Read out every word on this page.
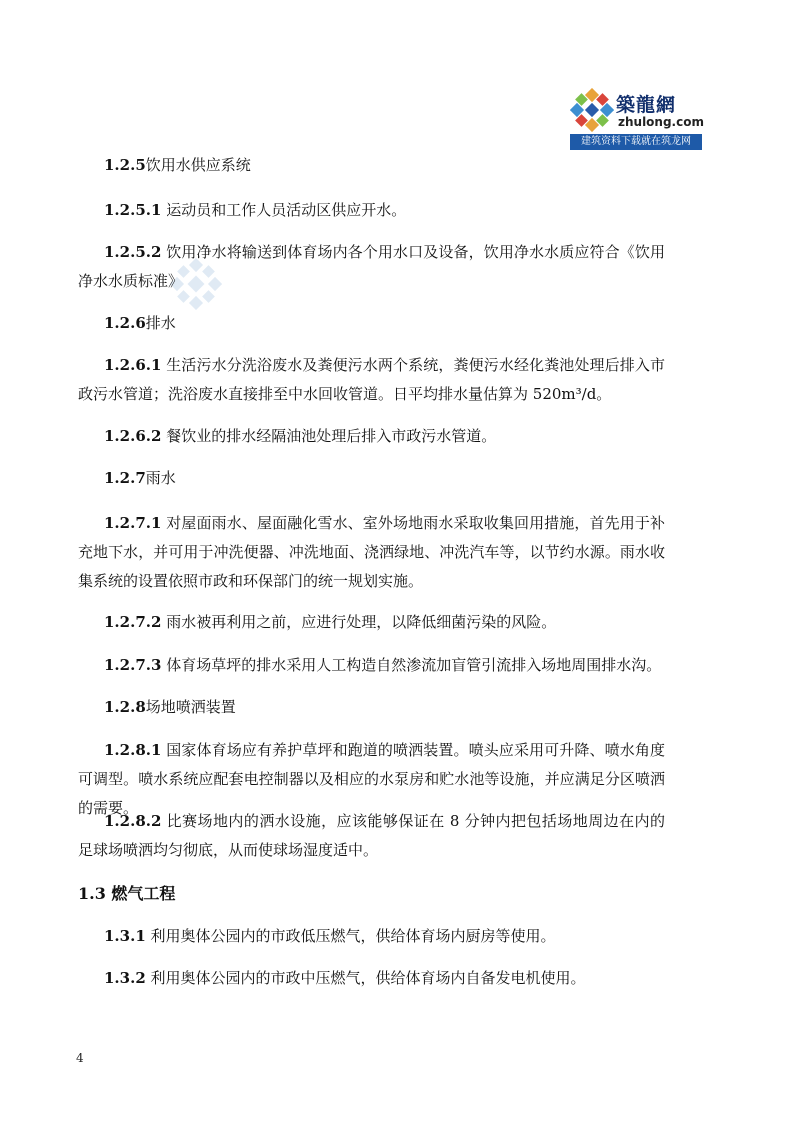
築龍網
zhulong.com
建筑资料下载就在筑龙网

1.2.5饮用水供应系统

1.2.5.1 运动员和工作人员活动区供应开水。

1.2.5.2 饮用净水将输送到体育场内各个用水口及设备，饮用净水水质应符合《饮用净水水质标准》

1.2.6排水

1.2.6.1 生活污水分洗浴废水及粪便污水两个系统，粪便污水经化粪池处理后排入市政污水管道；洗浴废水直接排至中水回收管道。日平均排水量估算为 520m³/d。

1.2.6.2 餐饮业的排水经隔油池处理后排入市政污水管道。

1.2.7雨水

1.2.7.1 对屋面雨水、屋面融化雪水、室外场地雨水采取收集回用措施，首先用于补充地下水，并可用于冲洗便器、冲洗地面、浇洒绿地、冲洗汽车等，以节约水源。雨水收集系统的设置依照市政和环保部门的统一规划实施。

1.2.7.2 雨水被再利用之前，应进行处理，以降低细菌污染的风险。

1.2.7.3 体育场草坪的排水采用人工构造自然渗流加盲管引流排入场地周围排水沟。

1.2.8场地喷洒装置

1.2.8.1 国家体育场应有养护草坪和跑道的喷洒装置。喷头应采用可升降、喷水角度可调型。喷水系统应配套电控制器以及相应的水泵房和贮水池等设施，并应满足分区喷洒的需要。

1.2.8.2 比赛场地内的洒水设施，应该能够保证在 8 分钟内把包括场地周边在内的足球场喷洒均匀彻底，从而使球场湿度适中。

1.3 燃气工程

1.3.1 利用奥体公园内的市政低压燃气，供给体育场内厨房等使用。

1.3.2 利用奥体公园内的市政中压燃气，供给体育场内自备发电机使用。

4
